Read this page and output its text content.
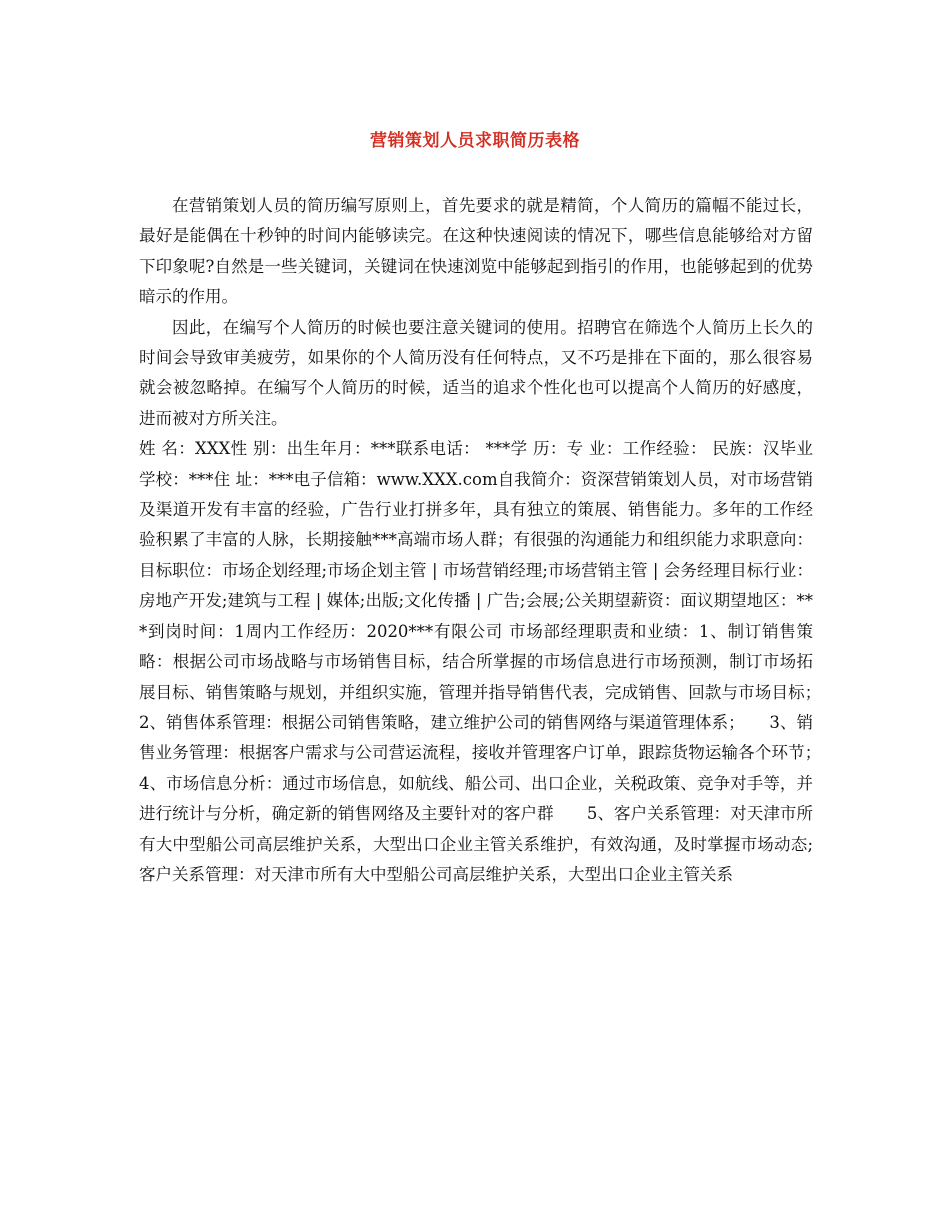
营销策划人员求职简历表格

在营销策划人员的简历编写原则上，首先要求的就是精简，个人简历的篇幅不能过长，最好是能偶在十秒钟的时间内能够读完。在这种快速阅读的情况下，哪些信息能够给对方留下印象呢?自然是一些关键词，关键词在快速浏览中能够起到指引的作用，也能够起到的优势暗示的作用。

因此，在编写个人简历的时候也要注意关键词的使用。招聘官在筛选个人简历上长久的时间会导致审美疲劳，如果你的个人简历没有任何特点，又不巧是排在下面的，那么很容易就会被忽略掉。在编写个人简历的时候，适当的追求个性化也可以提高个人简历的好感度，进而被对方所关注。

姓 名：XXX性 别：出生年月：***联系电话： ***学 历：专 业：工作经验： 民族：汉毕业学校：***住 址：***电子信箱：www.XXX.com自我简介：资深营销策划人员，对市场营销及渠道开发有丰富的经验，广告行业打拼多年，具有独立的策展、销售能力。多年的工作经验积累了丰富的人脉，长期接触***高端市场人群；有很强的沟通能力和组织能力求职意向：目标职位：市场企划经理;市场企划主管 | 市场营销经理;市场营销主管 | 会务经理目标行业：房地产开发;建筑与工程 | 媒体;出版;文化传播 | 广告;会展;公关期望薪资：面议期望地区：***到岗时间：1周内工作经历：2020***有限公司 市场部经理职责和业绩：1、制订销售策略：根据公司市场战略与市场销售目标，结合所掌握的市场信息进行市场预测，制订市场拓展目标、销售策略与规划，并组织实施，管理并指导销售代表，完成销售、回款与市场目标；　　2、销售体系管理：根据公司销售策略，建立维护公司的销售网络与渠道管理体系；　　3、销售业务管理：根据客户需求与公司营运流程，接收并管理客户订单，跟踪货物运输各个环节；　　4、市场信息分析：通过市场信息，如航线、船公司、出口企业，关税政策、竞争对手等，并进行统计与分析，确定新的销售网络及主要针对的客户群　　5、客户关系管理：对天津市所有大中型船公司高层维护关系，大型出口企业主管关系维护，有效沟通，及时掌握市场动态;客户关系管理：对天津市所有大中型船公司高层维护关系，大型出口企业主管关系
